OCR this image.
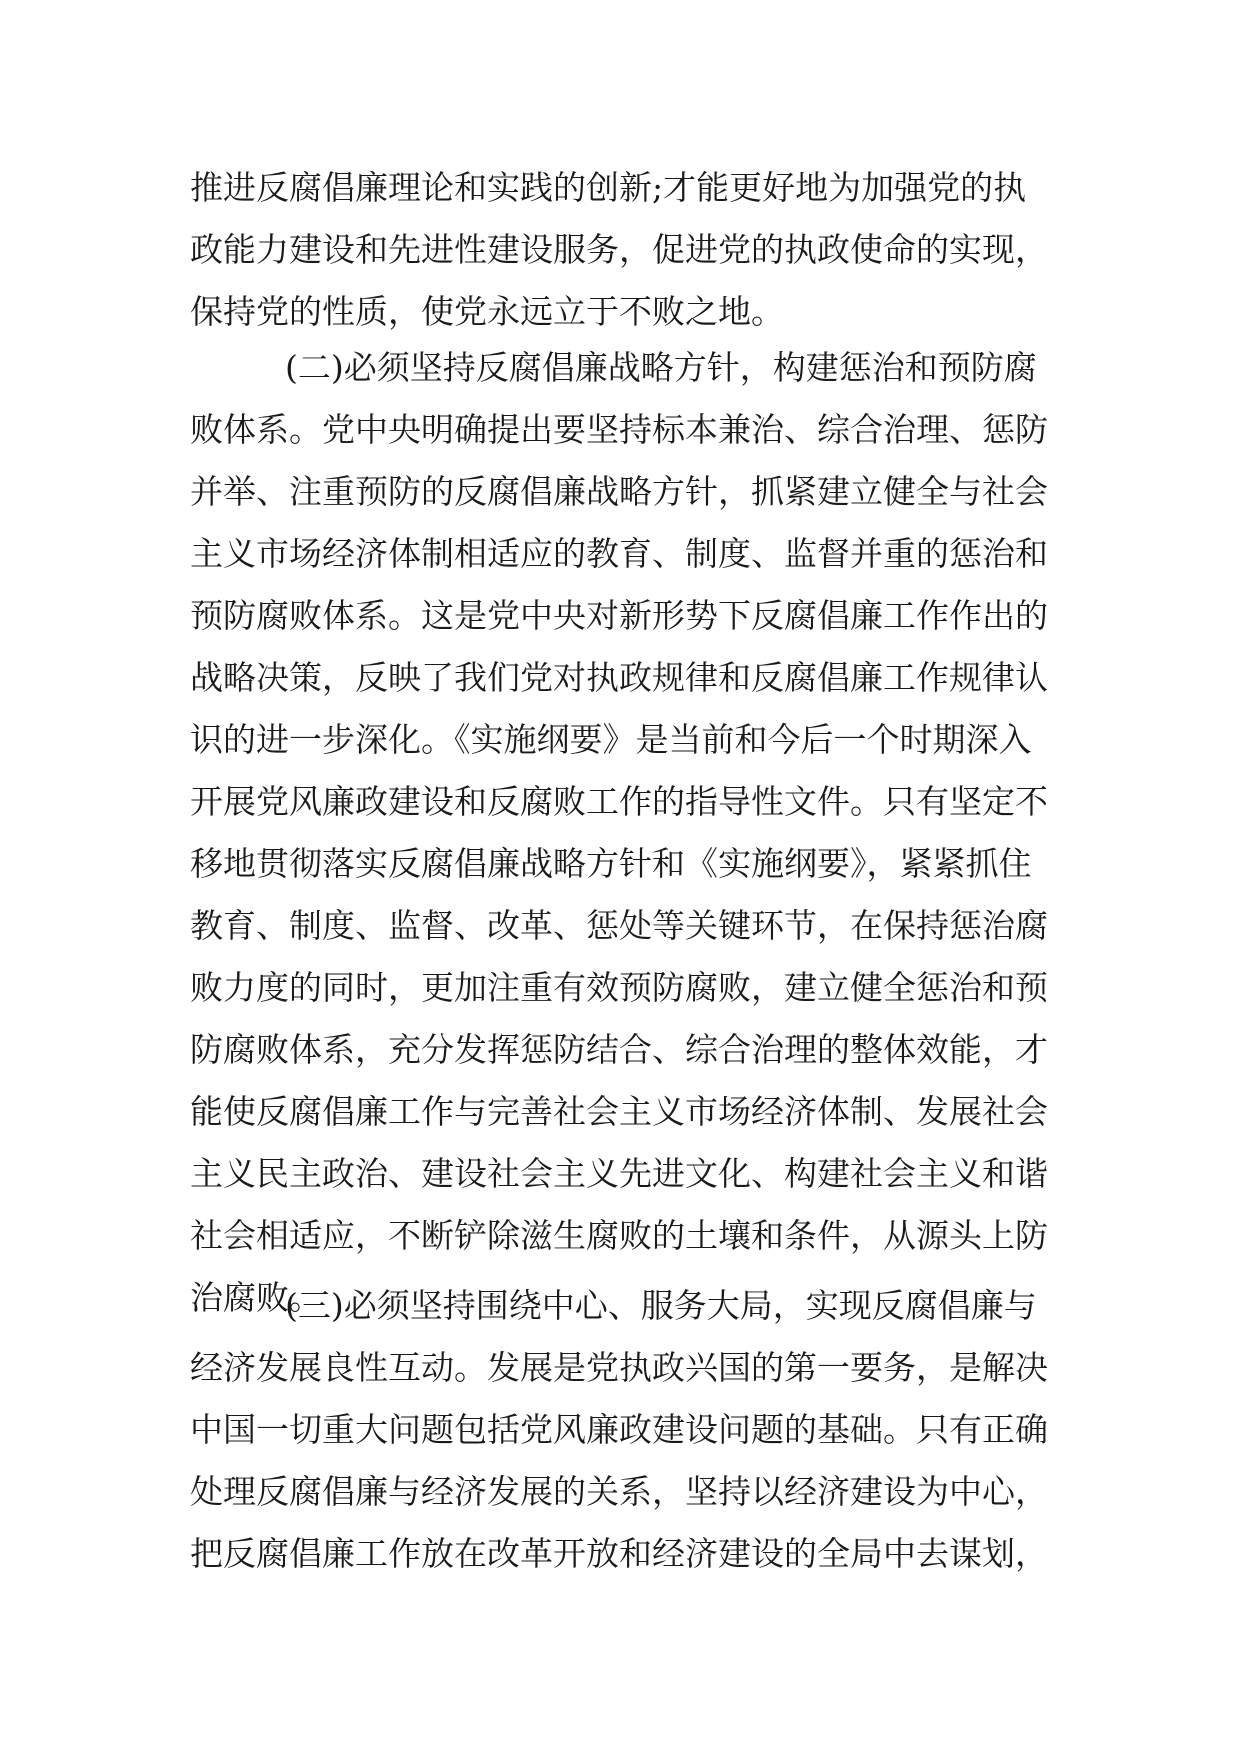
推进反腐倡廉理论和实践的创新;才能更好地为加强党的执
政能力建设和先进性建设服务，促进党的执政使命的实现，
保持党的性质，使党永远立于不败之地。
(二)必须坚持反腐倡廉战略方针，构建惩治和预防腐
败体系。党中央明确提出要坚持标本兼治、综合治理、惩防
并举、注重预防的反腐倡廉战略方针，抓紧建立健全与社会
主义市场经济体制相适应的教育、制度、监督并重的惩治和
预防腐败体系。这是党中央对新形势下反腐倡廉工作作出的
战略决策，反映了我们党对执政规律和反腐倡廉工作规律认
识的进一步深化。《实施纲要》是当前和今后一个时期深入
开展党风廉政建设和反腐败工作的指导性文件。只有坚定不
移地贯彻落实反腐倡廉战略方针和《实施纲要》，紧紧抓住
教育、制度、监督、改革、惩处等关键环节，在保持惩治腐
败力度的同时，更加注重有效预防腐败，建立健全惩治和预
防腐败体系，充分发挥惩防结合、综合治理的整体效能，才
能使反腐倡廉工作与完善社会主义市场经济体制、发展社会
主义民主政治、建设社会主义先进文化、构建社会主义和谐
社会相适应，不断铲除滋生腐败的土壤和条件，从源头上防
治腐败。
(三)必须坚持围绕中心、服务大局，实现反腐倡廉与
经济发展良性互动。发展是党执政兴国的第一要务，是解决
中国一切重大问题包括党风廉政建设问题的基础。只有正确
处理反腐倡廉与经济发展的关系，坚持以经济建设为中心，
把反腐倡廉工作放在改革开放和经济建设的全局中去谋划，
